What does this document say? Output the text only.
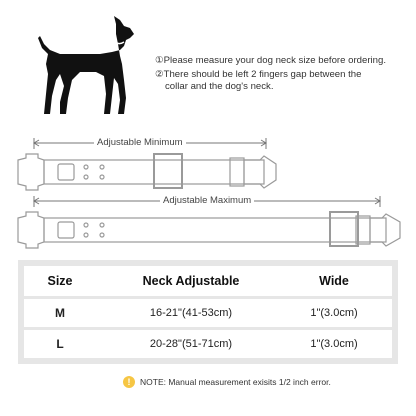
①Please measure your dog neck size before ordering.
②There should be left 2 fingers gap between the
collar and the dog's neck.
Adjustable Minimum
Adjustable Maximum
Size	Neck Adjustable	Wide
M	16-21"(41-53cm)	1"(3.0cm)
L	20-28"(51-71cm)	1"(3.0cm)
!	NOTE: Manual measurement exisits 1/2 inch error.
